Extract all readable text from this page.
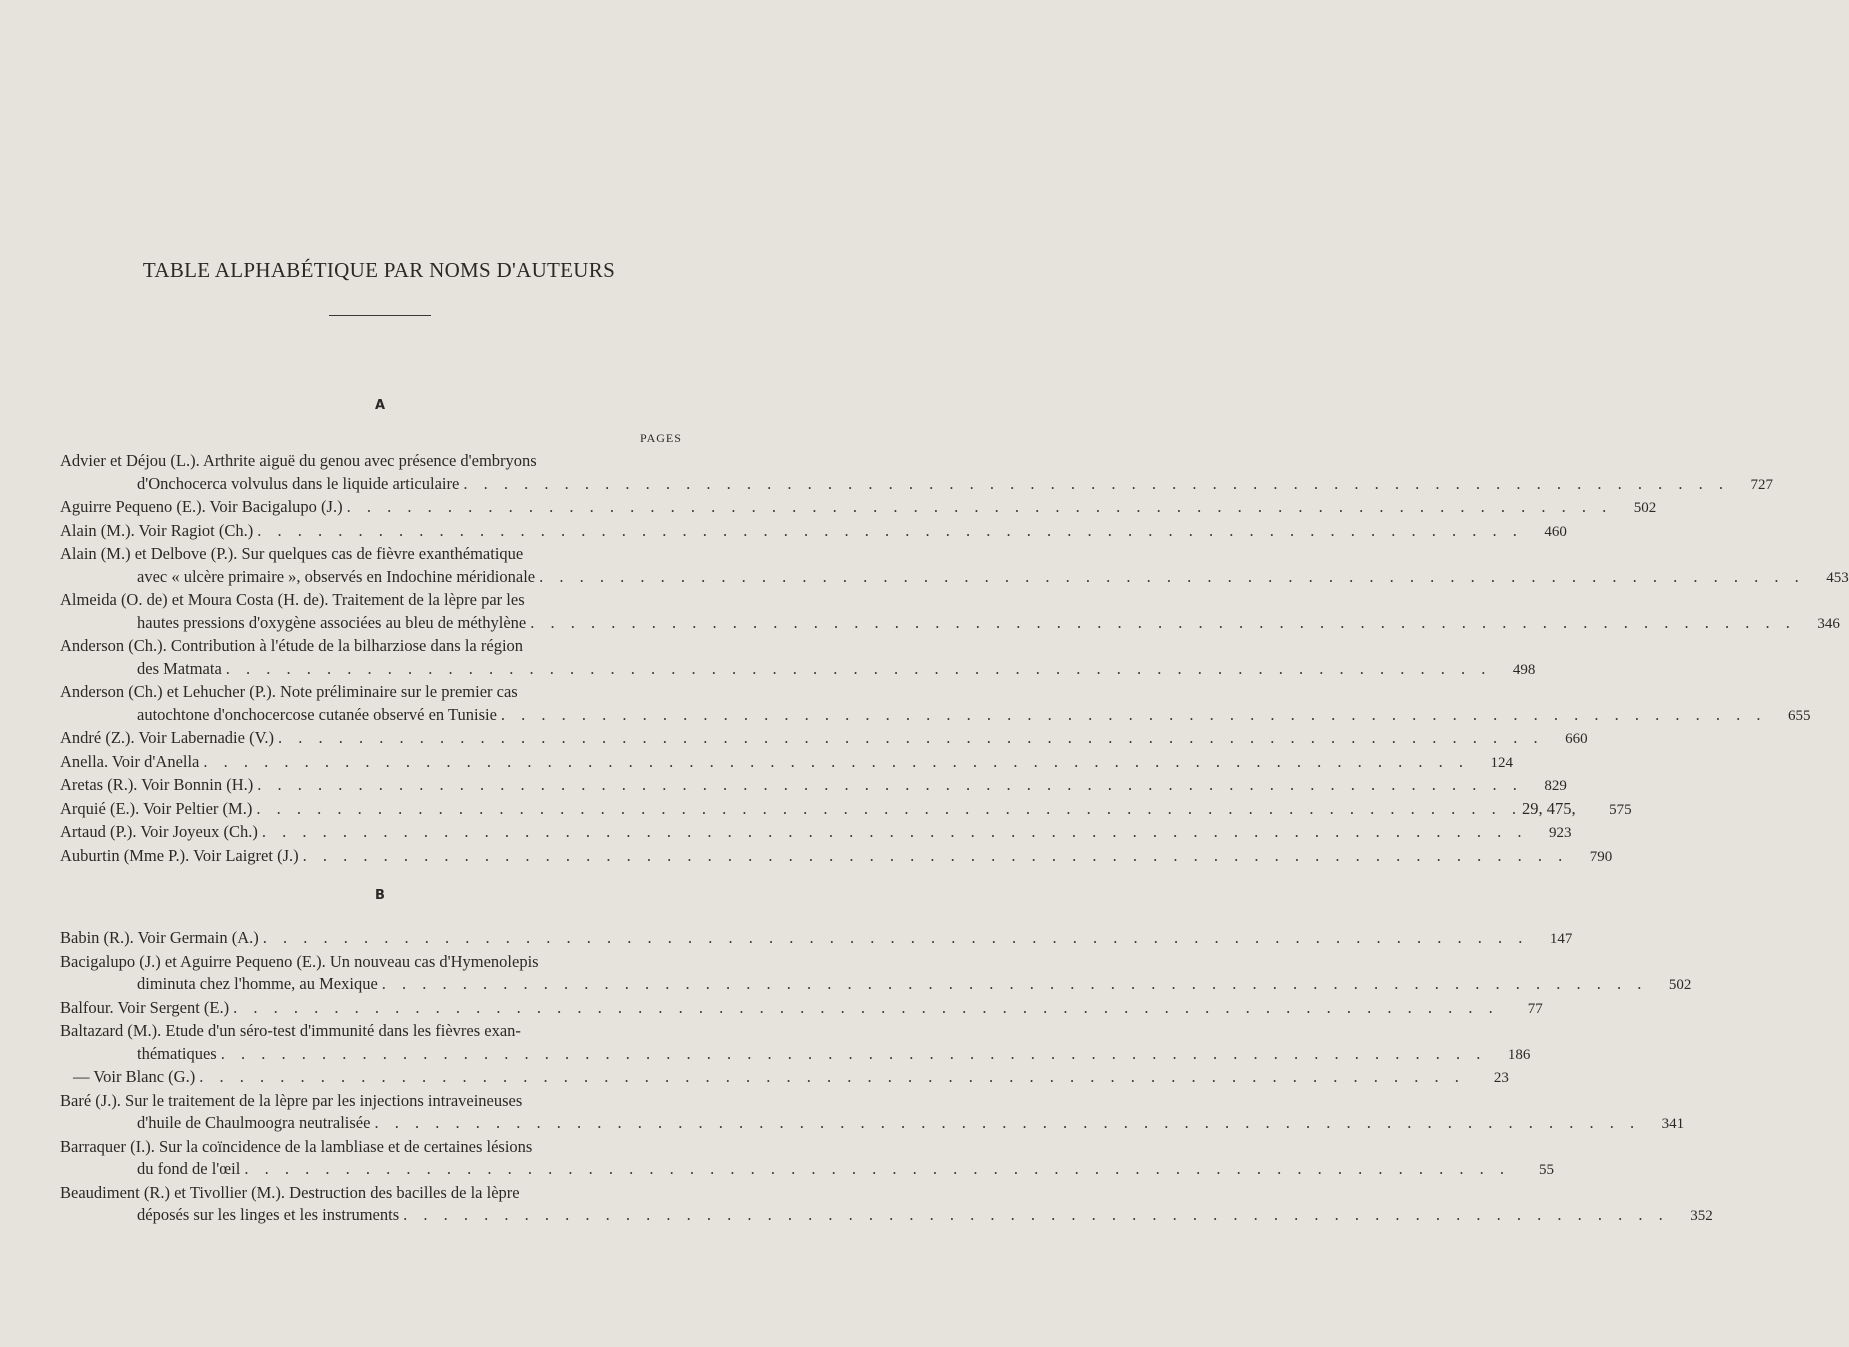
TABLE ALPHABÉTIQUE PAR NOMS D'AUTEURS
A
PAGES
Advier et Déjou (L.). Arthrite aiguë du genou avec présence d'embryons
d'Onchocerca volvulus dans le liquide articulaire . . .	727
Aguirre Pequeno (E.). Voir Bacigalupo (J.) . . .	502
Alain (M.). Voir Ragiot (Ch.) . . .	460
Alain (M.) et Delbove (P.). Sur quelques cas de fièvre exanthématique
avec « ulcère primaire », observés en Indochine méridionale . . .	453
Almeida (O. de) et Moura Costa (H. de). Traitement de la lèpre par les
hautes pressions d'oxygène associées au bleu de méthylène . . .	346
Anderson (Ch.). Contribution à l'étude de la bilharziose dans la région
des Matmata . . .	498
Anderson (Ch.) et Lehucher (P.). Note préliminaire sur le premier cas
autochtone d'onchocercose cutanée observé en Tunisie . . .	655
André (Z.). Voir Labernadie (V.) . . .	660
Anella. Voir d'Anella . . .	124
Aretas (R.). Voir Bonnin (H.) . . .	829
Arquié (E.). Voir Peltier (M.) . . .	29, 475,	575
Artaud (P.). Voir Joyeux (Ch.) . . .	923
Auburtin (Mme P.). Voir Laigret (J.) . . .	790
B
Babin (R.). Voir Germain (A.) . . .	147
Bacigalupo (J.) et Aguirre Pequeno (E.). Un nouveau cas d'Hymenolepis
diminuta chez l'homme, au Mexique . . .	502
Balfour. Voir Sergent (E.) . . .	77
Baltazard (M.). Etude d'un séro-test d'immunité dans les fièvres exan-
thématiques . . .	186
— Voir Blanc (G.) . . .	23
Baré (J.). Sur le traitement de la lèpre par les injections intraveineuses
d'huile de Chaulmoogra neutralisée . . .	341
Barraquer (I.). Sur la coïncidence de la lambliase et de certaines lésions
du fond de l'œil . . .	55
Beaudiment (R.) et Tivollier (M.). Destruction des bacilles de la lèpre
déposés sur les linges et les instruments . . .	352
